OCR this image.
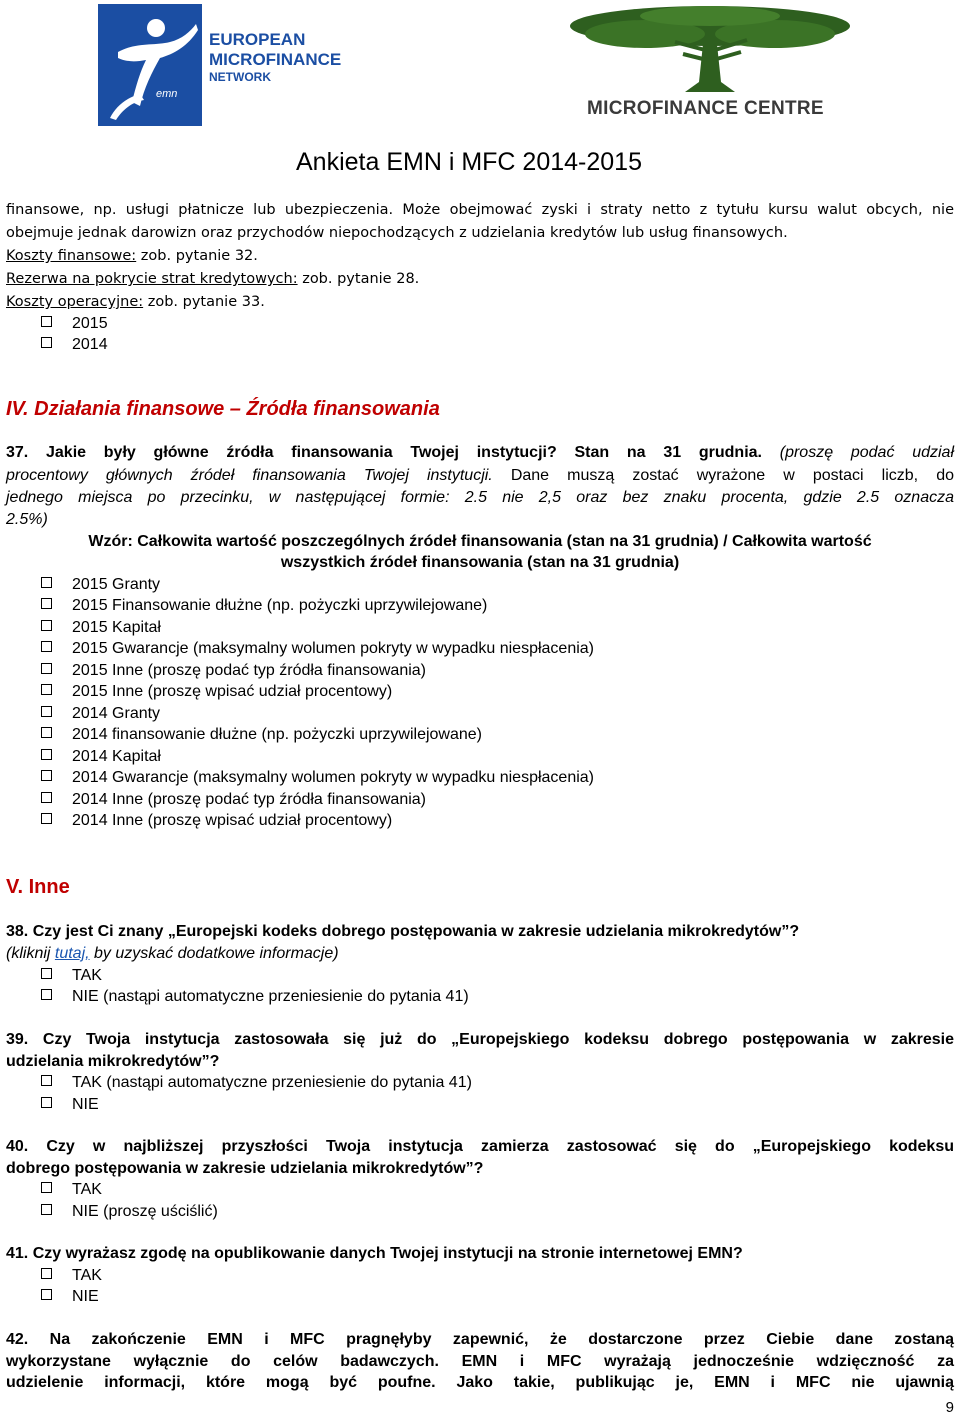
EUROPEAN
MICROFINANCE
NETWORK
emn
MICROFINANCE CENTRE
Ankieta EMN i MFC 2014-2015
finansowe, np. usługi płatnicze lub ubezpieczenia. Może obejmować zyski i straty netto z tytułu kursu walut obcych, nie
obejmuje jednak darowizn oraz przychodów niepochodzących z udzielania kredytów lub usług finansowych.
Koszty finansowe: zob. pytanie 32.
Rezerwa na pokrycie strat kredytowych: zob. pytanie 28.
Koszty operacyjne: zob. pytanie 33.
2015
2014
IV. Działania finansowe – Źródła finansowania
37. Jakie były główne źródła finansowania Twojej instytucji? Stan na 31 grudnia. (proszę podać udział
procentowy głównych źródeł finansowania Twojej instytucji. Dane muszą zostać wyrażone w postaci liczb, do
jednego miejsca po przecinku, w następującej formie: 2.5 nie 2,5 oraz bez znaku procenta, gdzie 2.5 oznacza
2.5%)
Wzór: Całkowita wartość poszczególnych źródeł finansowania (stan na 31 grudnia) / Całkowita wartość
wszystkich źródeł finansowania (stan na 31 grudnia)
2015 Granty
2015 Finansowanie dłużne (np. pożyczki uprzywilejowane)
2015 Kapitał
2015 Gwarancje (maksymalny wolumen pokryty w wypadku niespłacenia)
2015 Inne (proszę podać typ źródła finansowania)
2015 Inne (proszę wpisać udział procentowy)
2014 Granty
2014 finansowanie dłużne (np. pożyczki uprzywilejowane)
2014 Kapitał
2014 Gwarancje (maksymalny wolumen pokryty w wypadku niespłacenia)
2014 Inne (proszę podać typ źródła finansowania)
2014 Inne (proszę wpisać udział procentowy)
V. Inne
38. Czy jest Ci znany „Europejski kodeks dobrego postępowania w zakresie udzielania mikrokredytów”?
(kliknij tutaj, by uzyskać dodatkowe informacje)
TAK
NIE (nastąpi automatyczne przeniesienie do pytania 41)
39. Czy Twoja instytucja zastosowała się już do „Europejskiego kodeksu dobrego postępowania w zakresie
udzielania mikrokredytów”?
TAK (nastąpi automatyczne przeniesienie do pytania 41)
NIE
40. Czy w najbliższej przyszłości Twoja instytucja zamierza zastosować się do „Europejskiego kodeksu
dobrego postępowania w zakresie udzielania mikrokredytów”?
TAK
NIE (proszę uściślić)
41. Czy wyrażasz zgodę na opublikowanie danych Twojej instytucji na stronie internetowej EMN?
TAK
NIE
42. Na zakończenie EMN i MFC pragnęłyby zapewnić, że dostarczone przez Ciebie dane zostaną
wykorzystane wyłącznie do celów badawczych. EMN i MFC wyrażają jednocześnie wdzięczność za
udzielenie informacji, które mogą być poufne. Jako takie, publikując je, EMN i MFC nie ujawnią
9
